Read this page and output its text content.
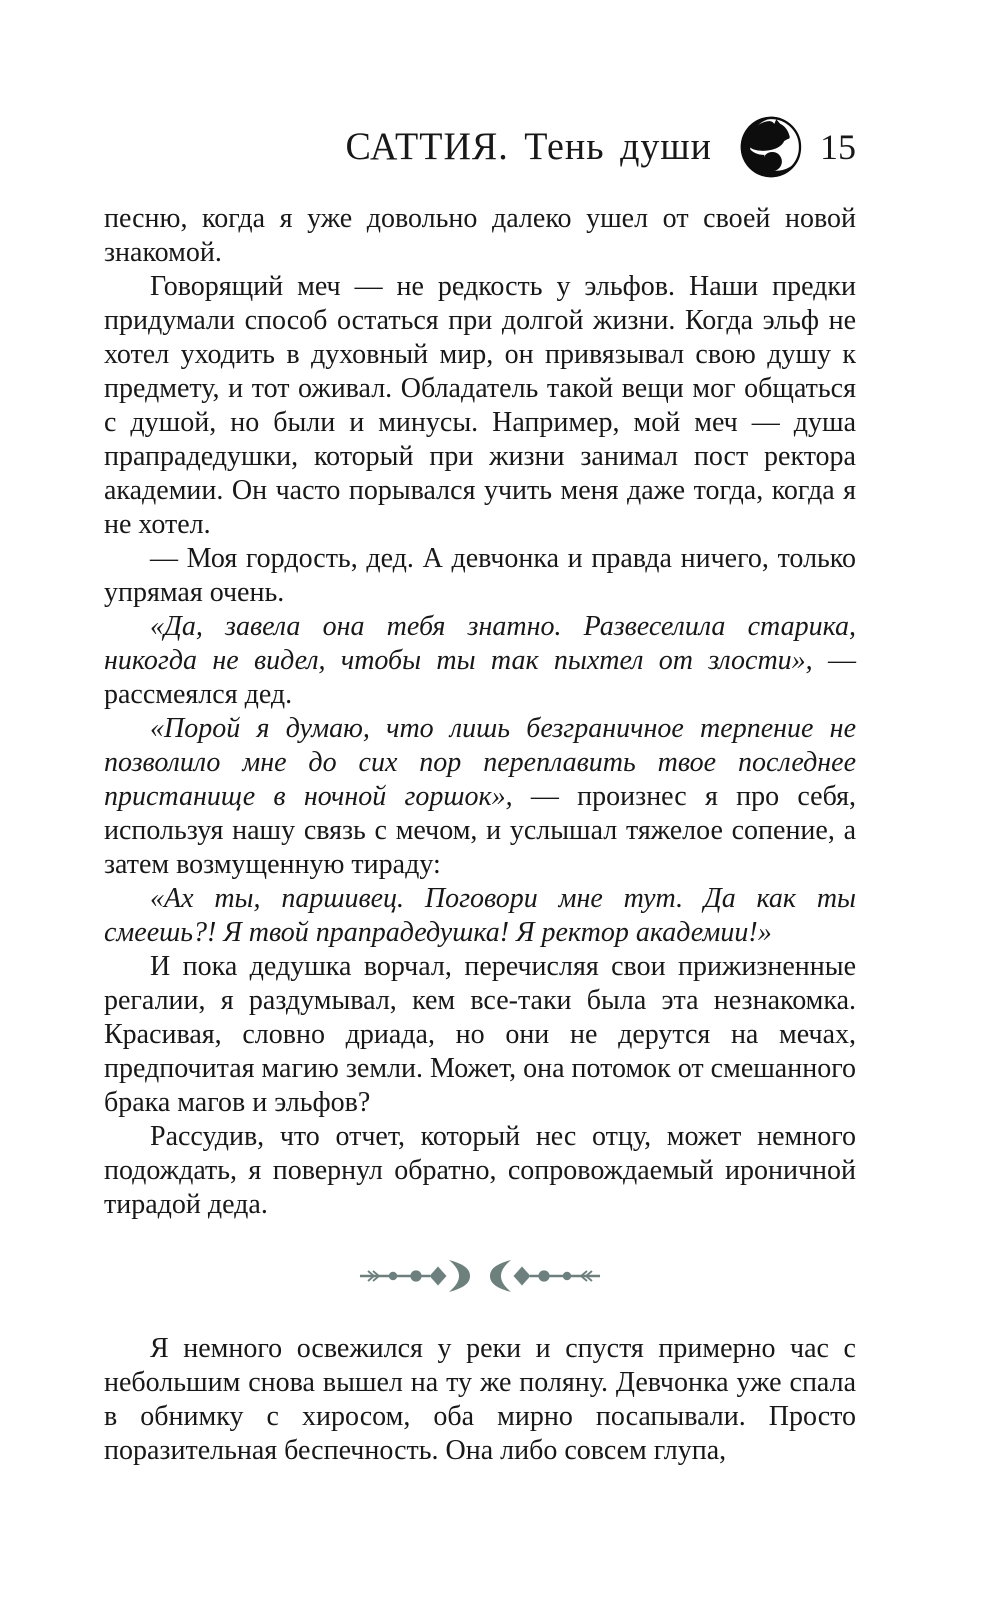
САТТИЯ. Тень души	15

песню, когда я уже довольно далеко ушел от своей новой знакомой.

Говорящий меч — не редкость у эльфов. Наши предки придумали способ остаться при долгой жизни. Когда эльф не хотел уходить в духовный мир, он привязывал свою душу к предмету, и тот оживал. Обладатель такой вещи мог общаться с душой, но были и минусы. Например, мой меч — душа прапрадедушки, который при жизни занимал пост ректора академии. Он часто порывался учить меня даже тогда, когда я не хотел.

— Моя гордость, дед. А девчонка и правда ничего, только упрямая очень.

«Да, завела она тебя знатно. Развеселила старика, никогда не видел, чтобы ты так пыхтел от злости», — рассмеялся дед.

«Порой я думаю, что лишь безграничное терпение не позволило мне до сих пор переплавить твое последнее пристанище в ночной горшок», — произнес я про себя, используя нашу связь с мечом, и услышал тяжелое сопение, а затем возмущенную тираду:

«Ах ты, паршивец. Поговори мне тут. Да как ты смеешь?! Я твой прапрадедушка! Я ректор академии!»

И пока дедушка ворчал, перечисляя свои прижизненные регалии, я раздумывал, кем все-таки была эта незнакомка. Красивая, словно дриада, но они не дерутся на мечах, предпочитая магию земли. Может, она потомок от смешанного брака магов и эльфов?

Рассудив, что отчет, который нес отцу, может немного подождать, я повернул обратно, сопровождаемый ироничной тирадой деда.

Я немного освежился у реки и спустя примерно час с небольшим снова вышел на ту же поляну. Девчонка уже спала в обнимку с хиросом, оба мирно посапывали. Просто поразительная беспечность. Она либо совсем глупа,
